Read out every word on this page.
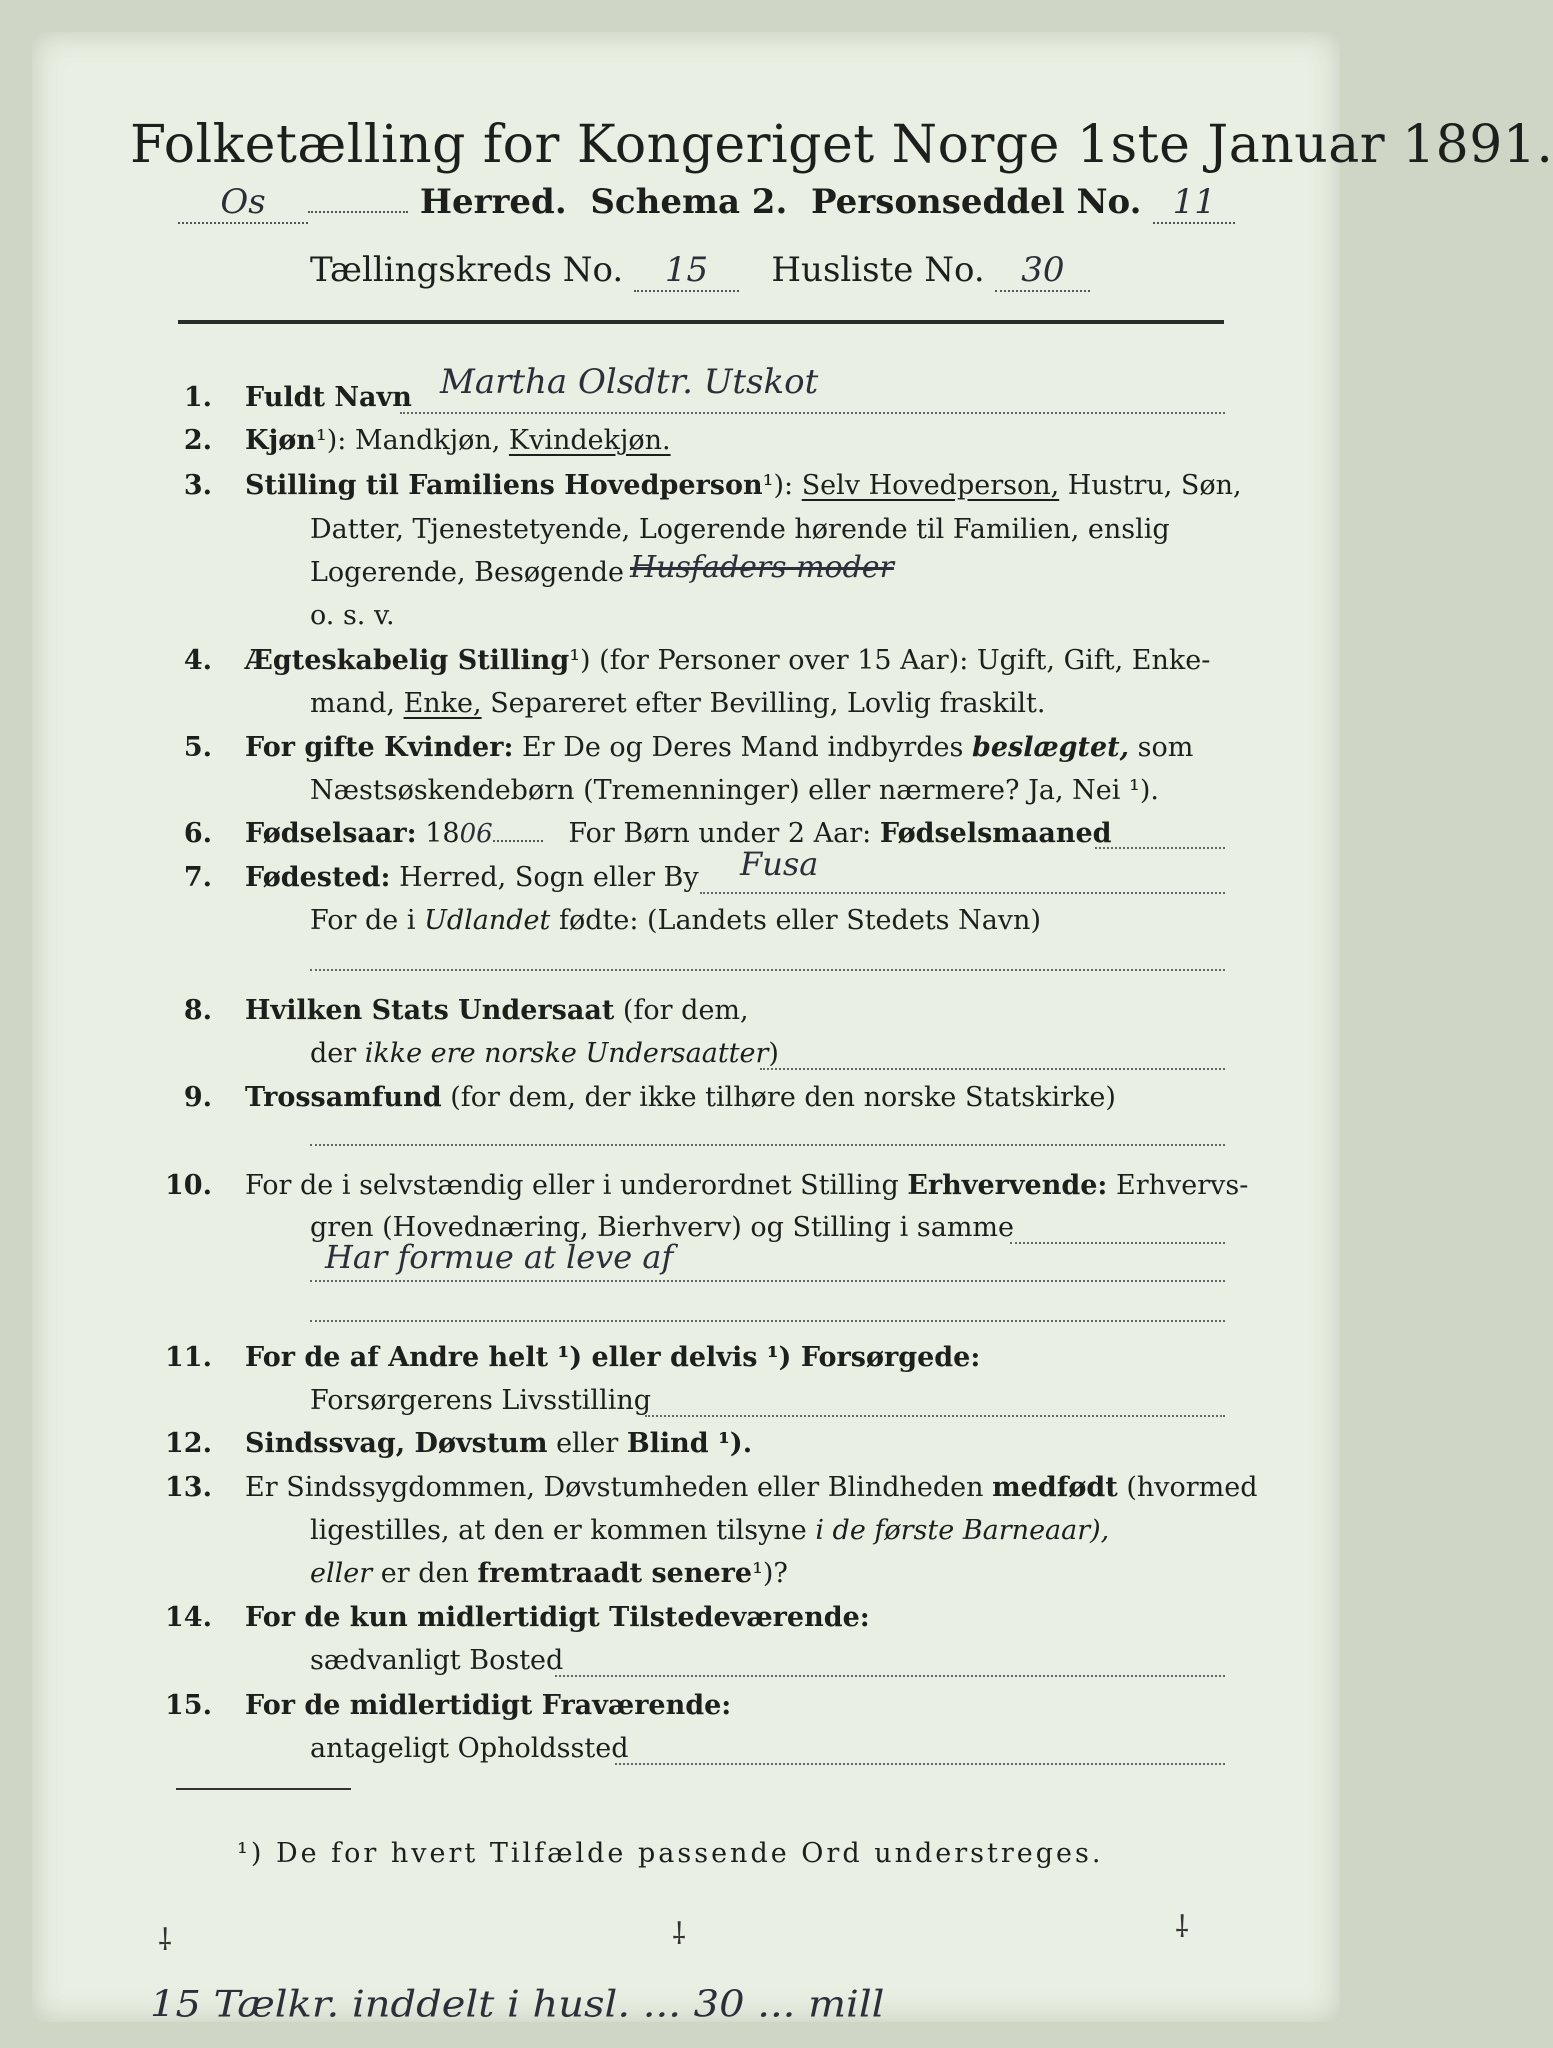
Folketælling for Kongeriget Norge 1ste Januar 1891.
Os	Herred. Schema 2. Personseddel No. 11
Tællingskreds No. 15 Husliste No. 30
1. Fuldt Navn Martha Olsdtr. Utskot
2. Kjøn¹): Mandkjøn, Kvindekjøn.
3. Stilling til Familiens Hovedperson¹): Selv Hovedperson, Hustru, Søn,
Datter, Tjenestetyende, Logerende hørende til Familien, enslig
Logerende, Besøgende Husfaders moder
o. s. v.
4. Ægteskabelig Stilling¹) (for Personer over 15 Aar): Ugift, Gift, Enke-
mand, Enke, Separeret efter Bevilling, Lovlig fraskilt.
5. For gifte Kvinder: Er De og Deres Mand indbyrdes beslægtet, som
Næstsøskendebørn (Tremenninger) eller nærmere? Ja, Nei ¹).
6. Fødselsaar: 1806	For Børn under 2 Aar: Fødselsmaaned
7. Fødested: Herred, Sogn eller By Fusa
For de i Udlandet fødte: (Landets eller Stedets Navn)
8. Hvilken Stats Undersaat (for dem,
der ikke ere norske Undersaatter)
9. Trossamfund (for dem, der ikke tilhøre den norske Statskirke)
10. For de i selvstændig eller i underordnet Stilling Erhvervende: Erhvervs-
gren (Hovednæring, Bierhverv) og Stilling i samme
Har formue at leve af
11. For de af Andre helt ¹) eller delvis ¹) Forsørgede:
Forsørgerens Livsstilling
12. Sindssvag, Døvstum eller Blind ¹).
13. Er Sindssygdommen, Døvstumheden eller Blindheden medfødt (hvormed
ligestilles, at den er kommen tilsyne i de første Barneaar),
eller er den fremtraadt senere¹)?
14. For de kun midlertidigt Tilstedeværende:
sædvanligt Bosted
15. For de midlertidigt Fraværende:
antageligt Opholdssted
¹) De for hvert Tilfælde passende Ord understreges.
⸸	⸸	⸸
15 Tælkr. inddelt i husl. ... 30 ... mill
